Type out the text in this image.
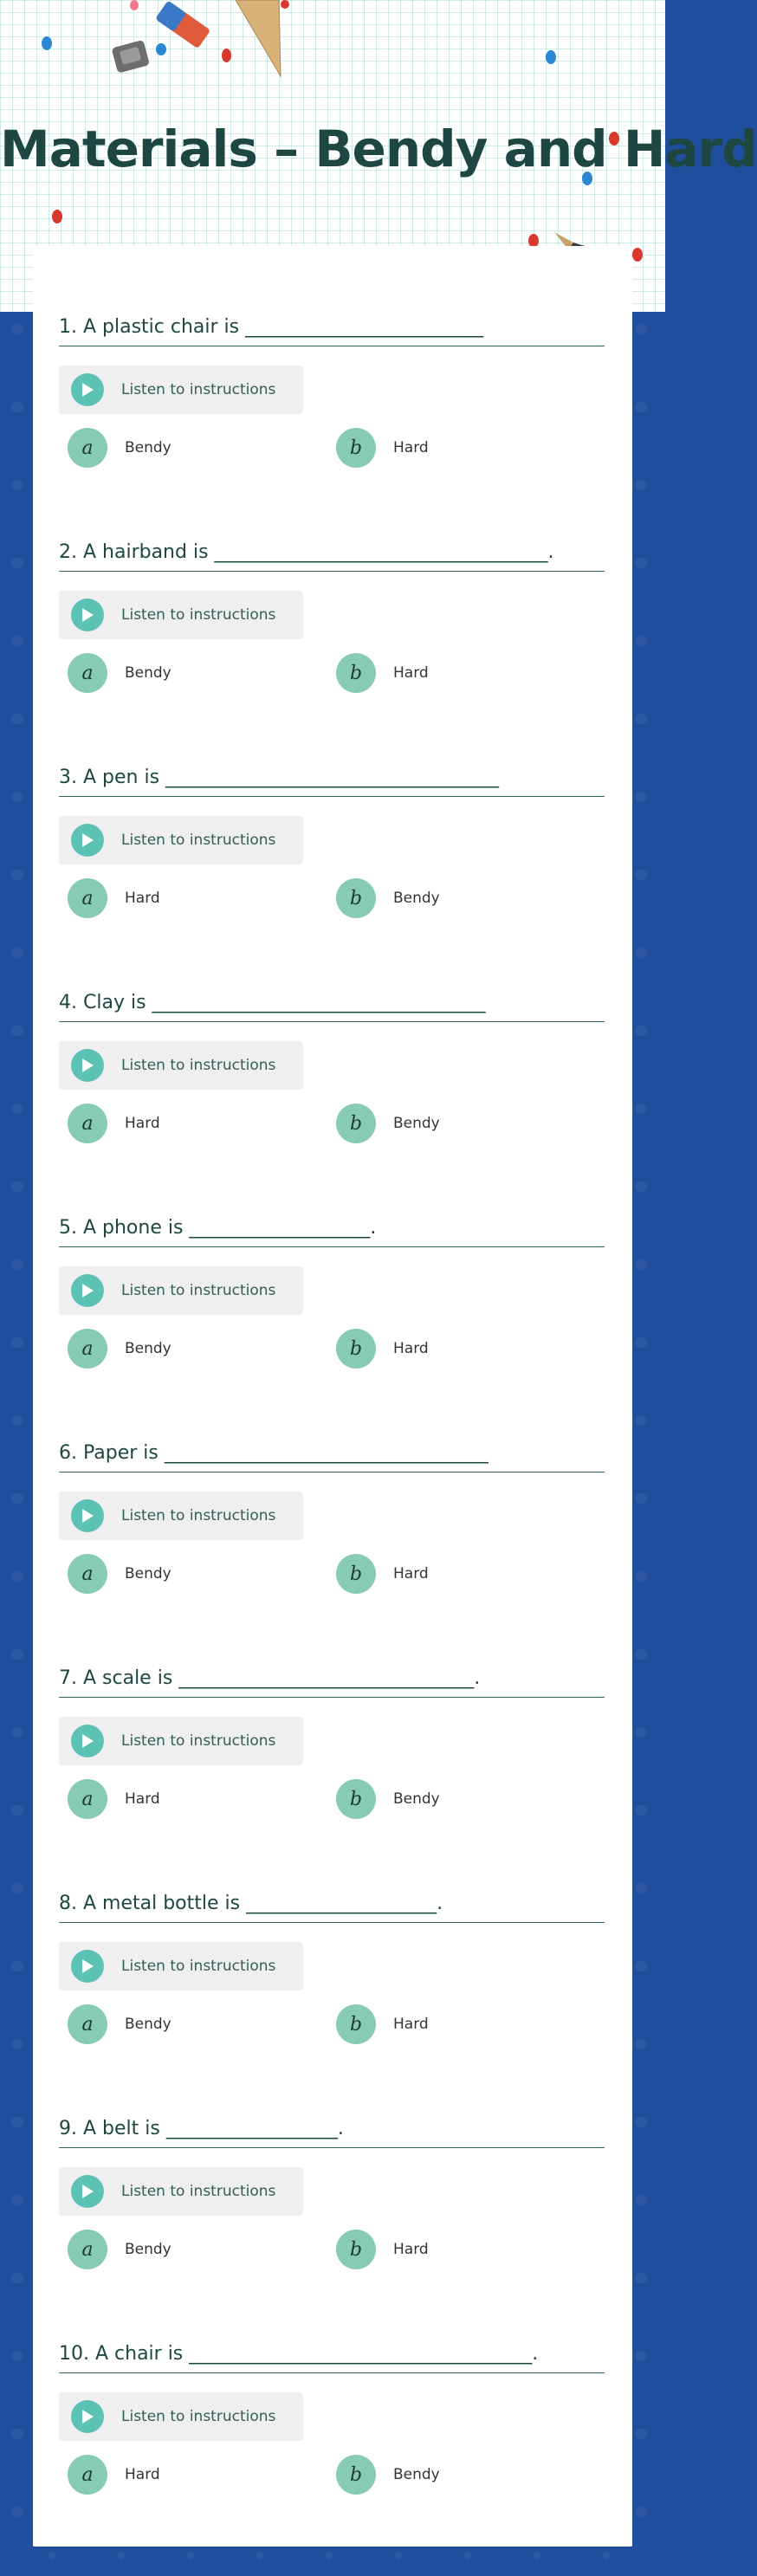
Materials – Bendy and Hard
1. A plastic chair is _________________________
Listen to instructions
a	Bendy	b	Hard
2. A hairband is ___________________________________.
Listen to instructions
a	Bendy	b	Hard
3. A pen is ___________________________________
Listen to instructions
a	Hard	b	Bendy
4. Clay is ___________________________________
Listen to instructions
a	Hard	b	Bendy
5. A phone is ___________________.
Listen to instructions
a	Bendy	b	Hard
6. Paper is __________________________________
Listen to instructions
a	Bendy	b	Hard
7. A scale is _______________________________.
Listen to instructions
a	Hard	b	Bendy
8. A metal bottle is ____________________.
Listen to instructions
a	Bendy	b	Hard
9. A belt is __________________.
Listen to instructions
a	Bendy	b	Hard
10. A chair is ____________________________________.
Listen to instructions
a	Hard	b	Bendy
